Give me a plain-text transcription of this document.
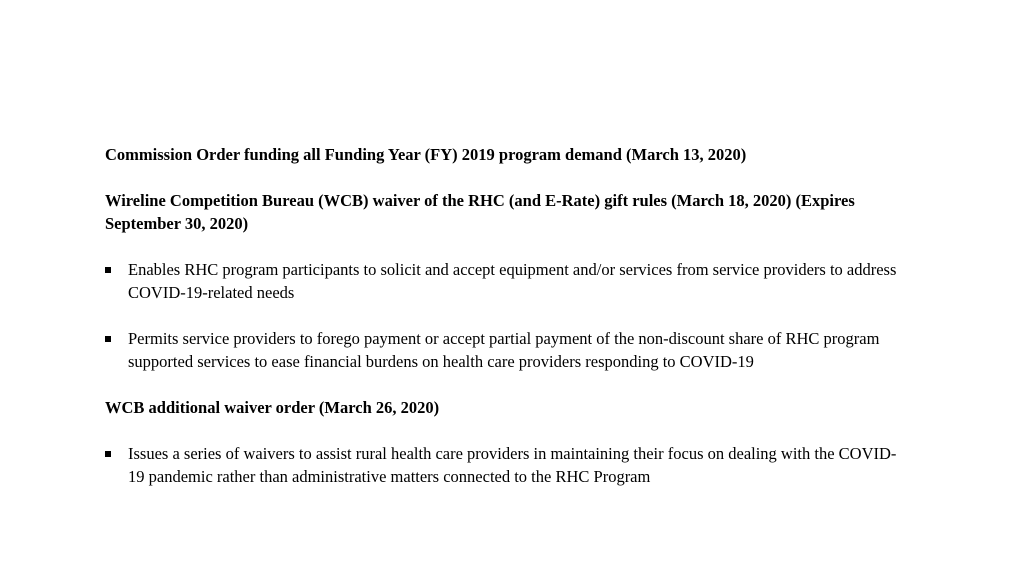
Commission Order funding all Funding Year (FY) 2019 program demand (March 13, 2020)

Wireline Competition Bureau (WCB) waiver of the RHC (and E-Rate) gift rules (March 18, 2020) (Expires September 30, 2020)

Enables RHC program participants to solicit and accept equipment and/or services from service providers to address COVID-19-related needs
Permits service providers to forego payment or accept partial payment of the non-discount share of RHC program supported services to ease financial burdens on health care providers responding to COVID-19

WCB additional waiver order (March 26, 2020)

Issues a series of waivers to assist rural health care providers in maintaining their focus on dealing with the COVID-19 pandemic rather than administrative matters connected to the RHC Program
